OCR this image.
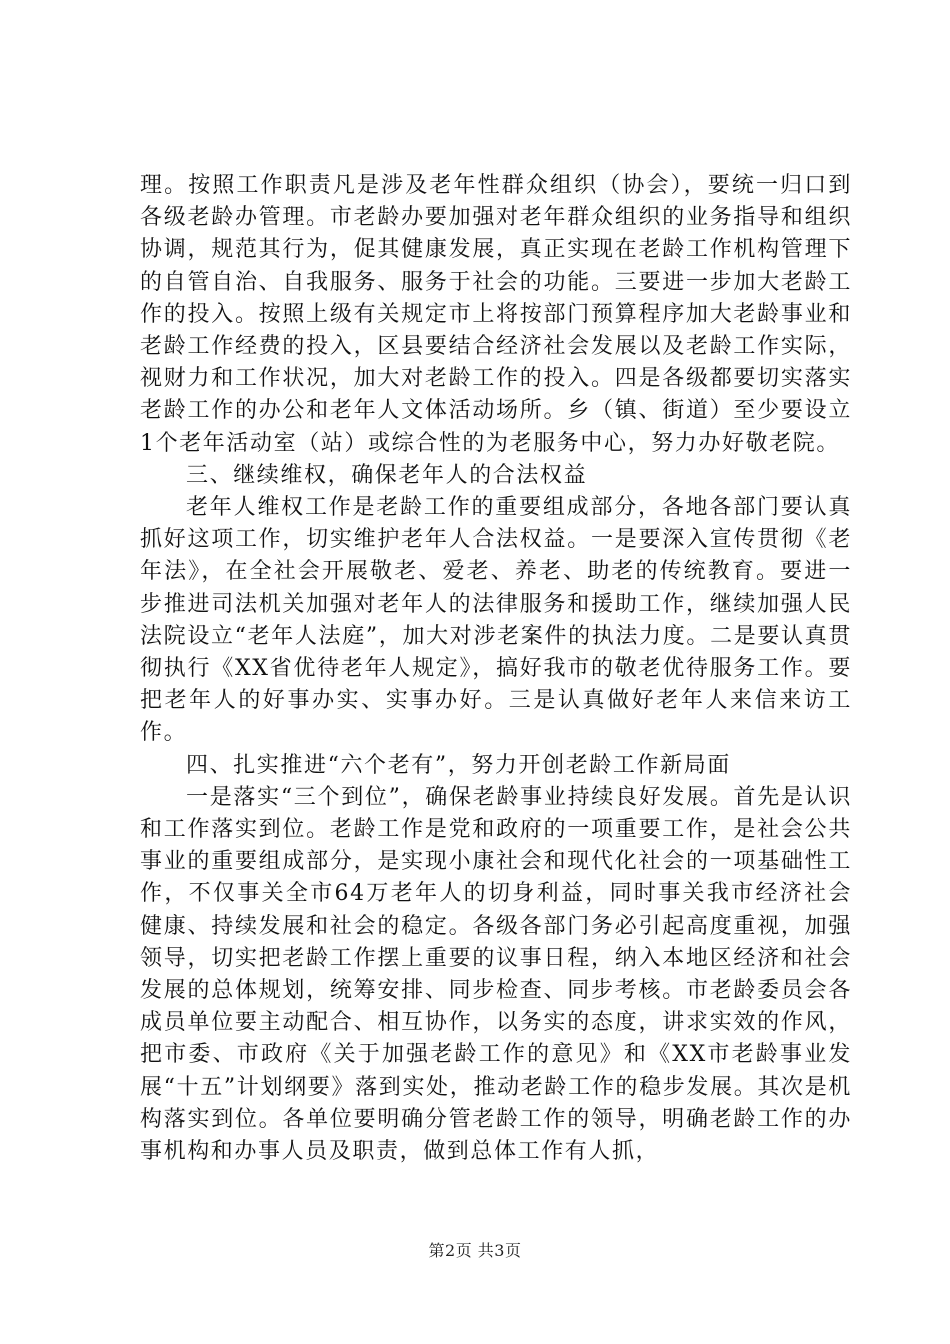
理。按照工作职责凡是涉及老年性群众组织（协会），要统一归口到各级老龄办管理。市老龄办要加强对老年群众组织的业务指导和组织协调，规范其行为，促其健康发展，真正实现在老龄工作机构管理下的自管自治、自我服务、服务于社会的功能。三要进一步加大老龄工作的投入。按照上级有关规定市上将按部门预算程序加大老龄事业和老龄工作经费的投入，区县要结合经济社会发展以及老龄工作实际，视财力和工作状况，加大对老龄工作的投入。四是各级都要切实落实老龄工作的办公和老年人文体活动场所。乡（镇、街道）至少要设立1个老年活动室（站）或综合性的为老服务中心，努力办好敬老院。

三、继续维权，确保老年人的合法权益

老年人维权工作是老龄工作的重要组成部分，各地各部门要认真抓好这项工作，切实维护老年人合法权益。一是要深入宣传贯彻《老年法》，在全社会开展敬老、爱老、养老、助老的传统教育。要进一步推进司法机关加强对老年人的法律服务和援助工作，继续加强人民法院设立“老年人法庭”，加大对涉老案件的执法力度。二是要认真贯彻执行《XX省优待老年人规定》，搞好我市的敬老优待服务工作。要把老年人的好事办实、实事办好。三是认真做好老年人来信来访工作。

四、扎实推进“六个老有”，努力开创老龄工作新局面

一是落实“三个到位”，确保老龄事业持续良好发展。首先是认识和工作落实到位。老龄工作是党和政府的一项重要工作，是社会公共事业的重要组成部分，是实现小康社会和现代化社会的一项基础性工作，不仅事关全市64万老年人的切身利益，同时事关我市经济社会健康、持续发展和社会的稳定。各级各部门务必引起高度重视，加强领导，切实把老龄工作摆上重要的议事日程，纳入本地区经济和社会发展的总体规划，统筹安排、同步检查、同步考核。市老龄委员会各成员单位要主动配合、相互协作，以务实的态度，讲求实效的作风，把市委、市政府《关于加强老龄工作的意见》和《XX市老龄事业发展“十五”计划纲要》落到实处，推动老龄工作的稳步发展。其次是机构落实到位。各单位要明确分管老龄工作的领导，明确老龄工作的办事机构和办事人员及职责，做到总体工作有人抓，

第2页 共3页
